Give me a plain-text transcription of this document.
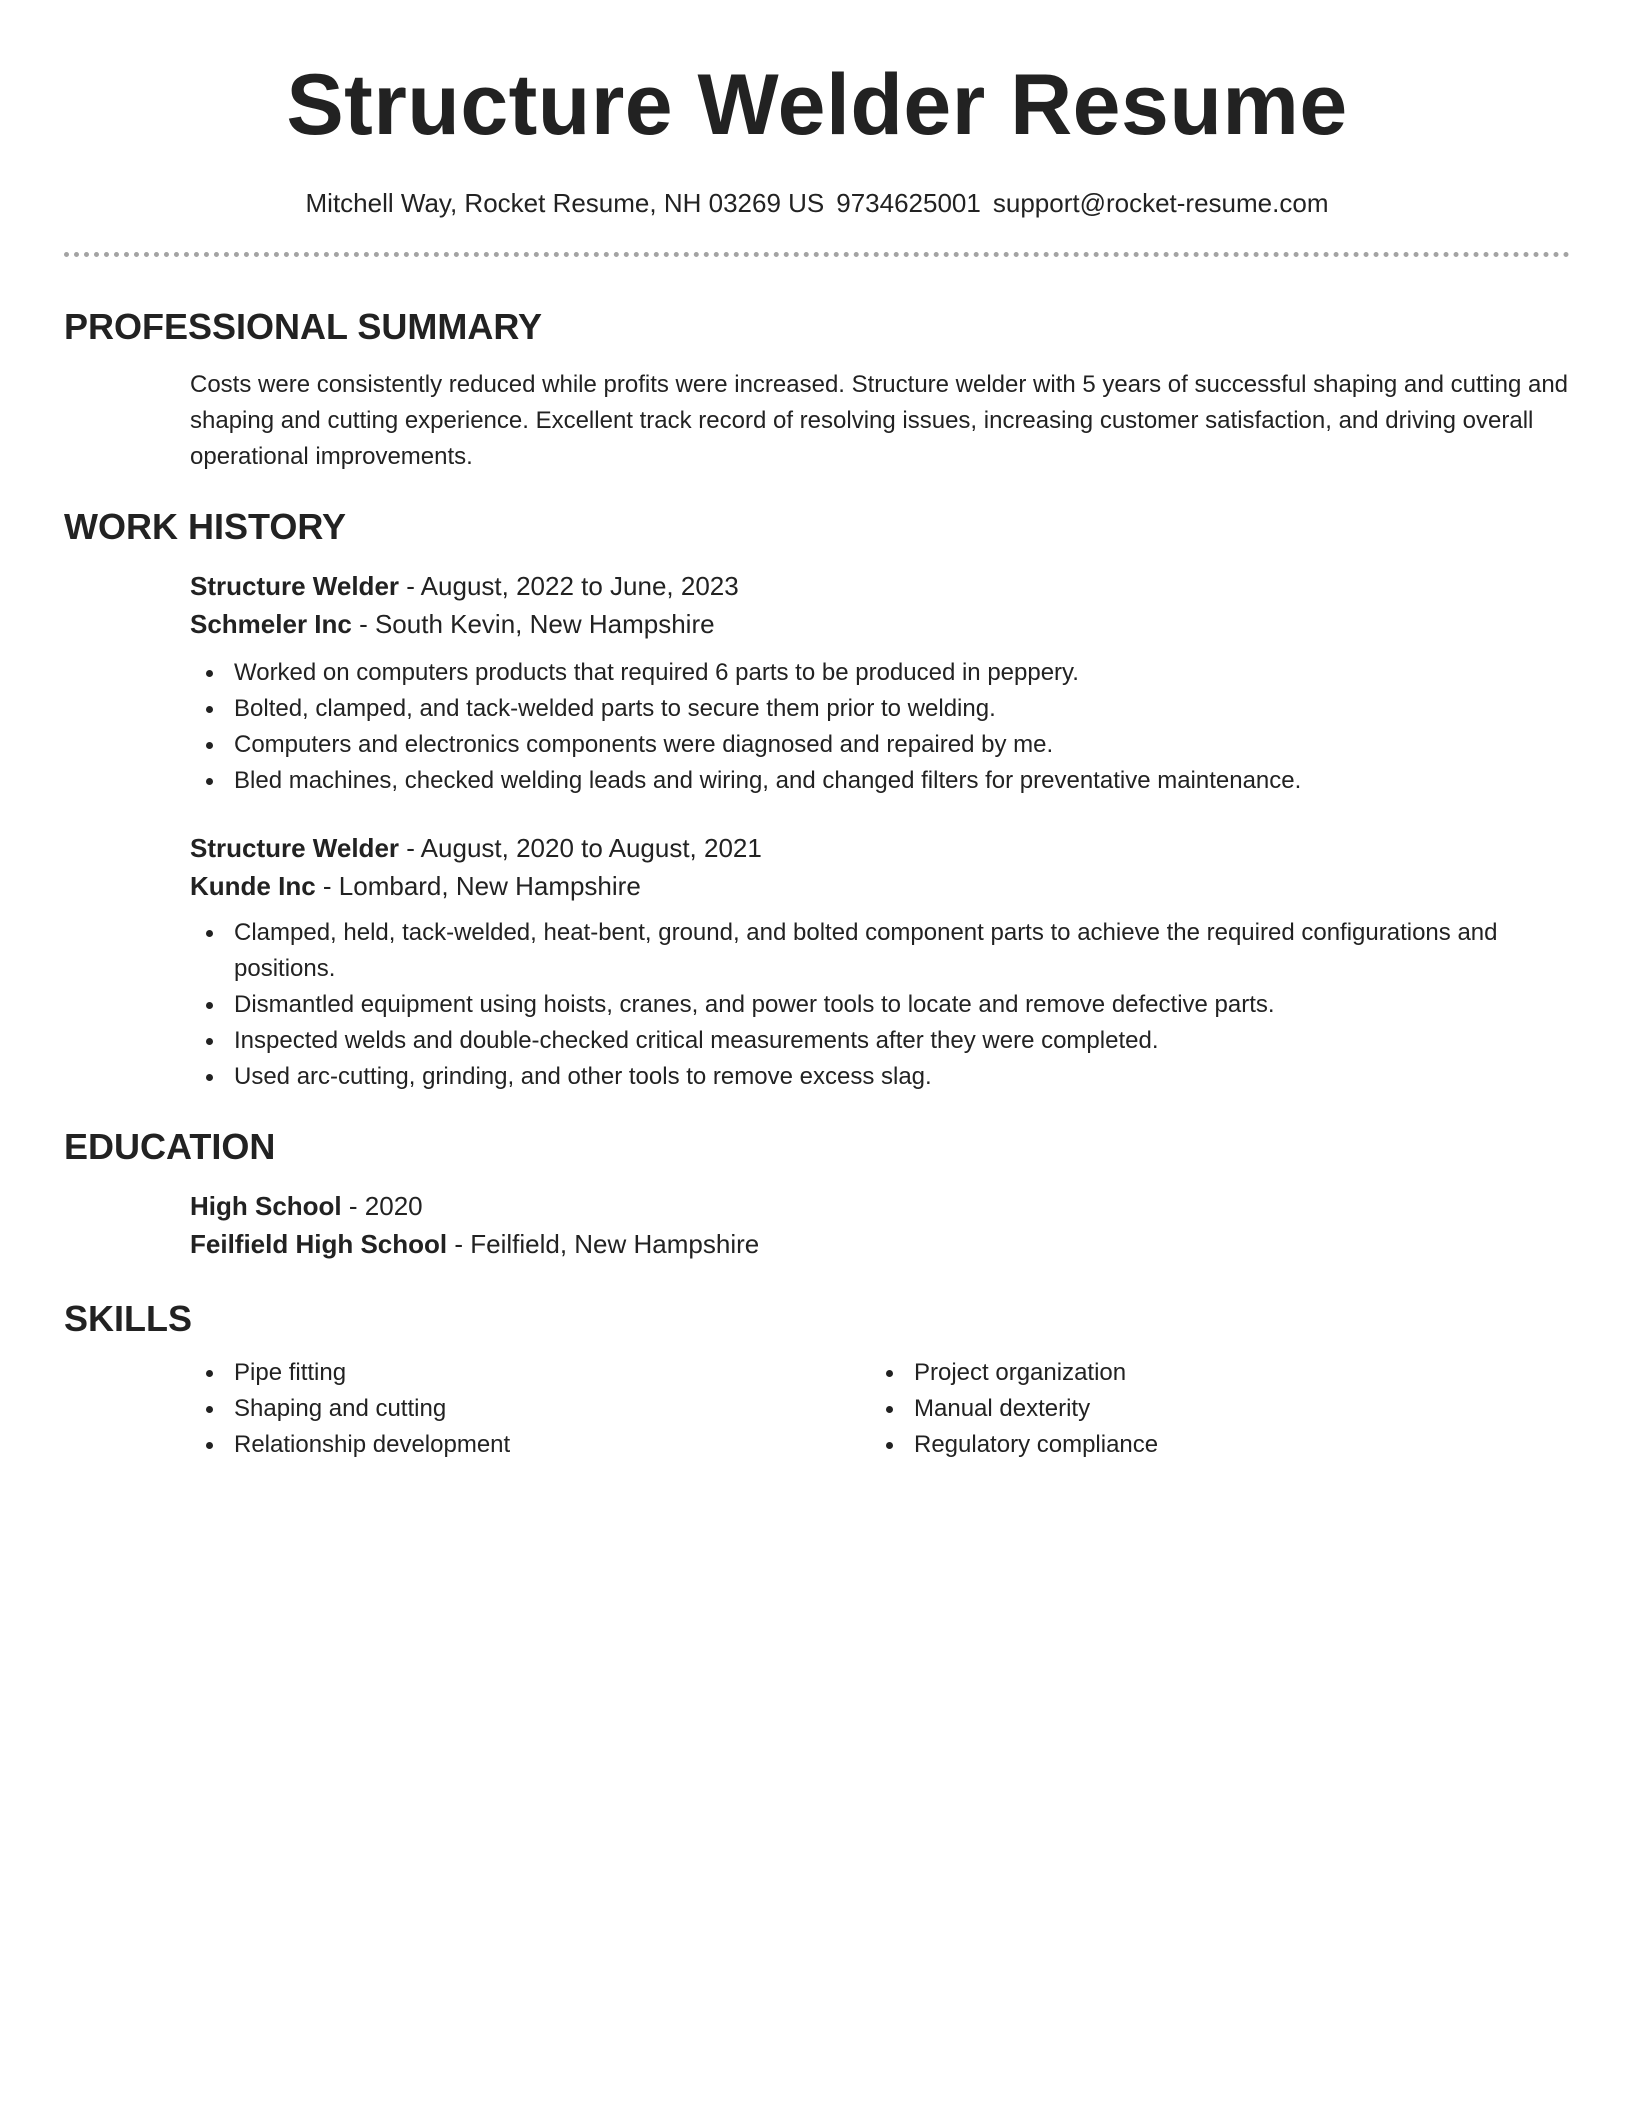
Structure Welder Resume
Mitchell Way, Rocket Resume, NH 03269 US 9734625001 support@rocket-resume.com
PROFESSIONAL SUMMARY

Costs were consistently reduced while profits were increased. Structure welder with 5 years of successful shaping and cutting and shaping and cutting experience. Excellent track record of resolving issues, increasing customer satisfaction, and driving overall operational improvements.

WORK HISTORY
Structure Welder - August, 2022 to June, 2023
Schmeler Inc - South Kevin, New Hampshire
Worked on computers products that required 6 parts to be produced in peppery.
Bolted, clamped, and tack-welded parts to secure them prior to welding.
Computers and electronics components were diagnosed and repaired by me.
Bled machines, checked welding leads and wiring, and changed filters for preventative maintenance.
Structure Welder - August, 2020 to August, 2021
Kunde Inc - Lombard, New Hampshire
Clamped, held, tack-welded, heat-bent, ground, and bolted component parts to achieve the required configurations and positions.
Dismantled equipment using hoists, cranes, and power tools to locate and remove defective parts.
Inspected welds and double-checked critical measurements after they were completed.
Used arc-cutting, grinding, and other tools to remove excess slag.
EDUCATION
High School - 2020
Feilfield High School - Feilfield, New Hampshire
SKILLS
Pipe fitting
Shaping and cutting
Relationship development
Project organization
Manual dexterity
Regulatory compliance
